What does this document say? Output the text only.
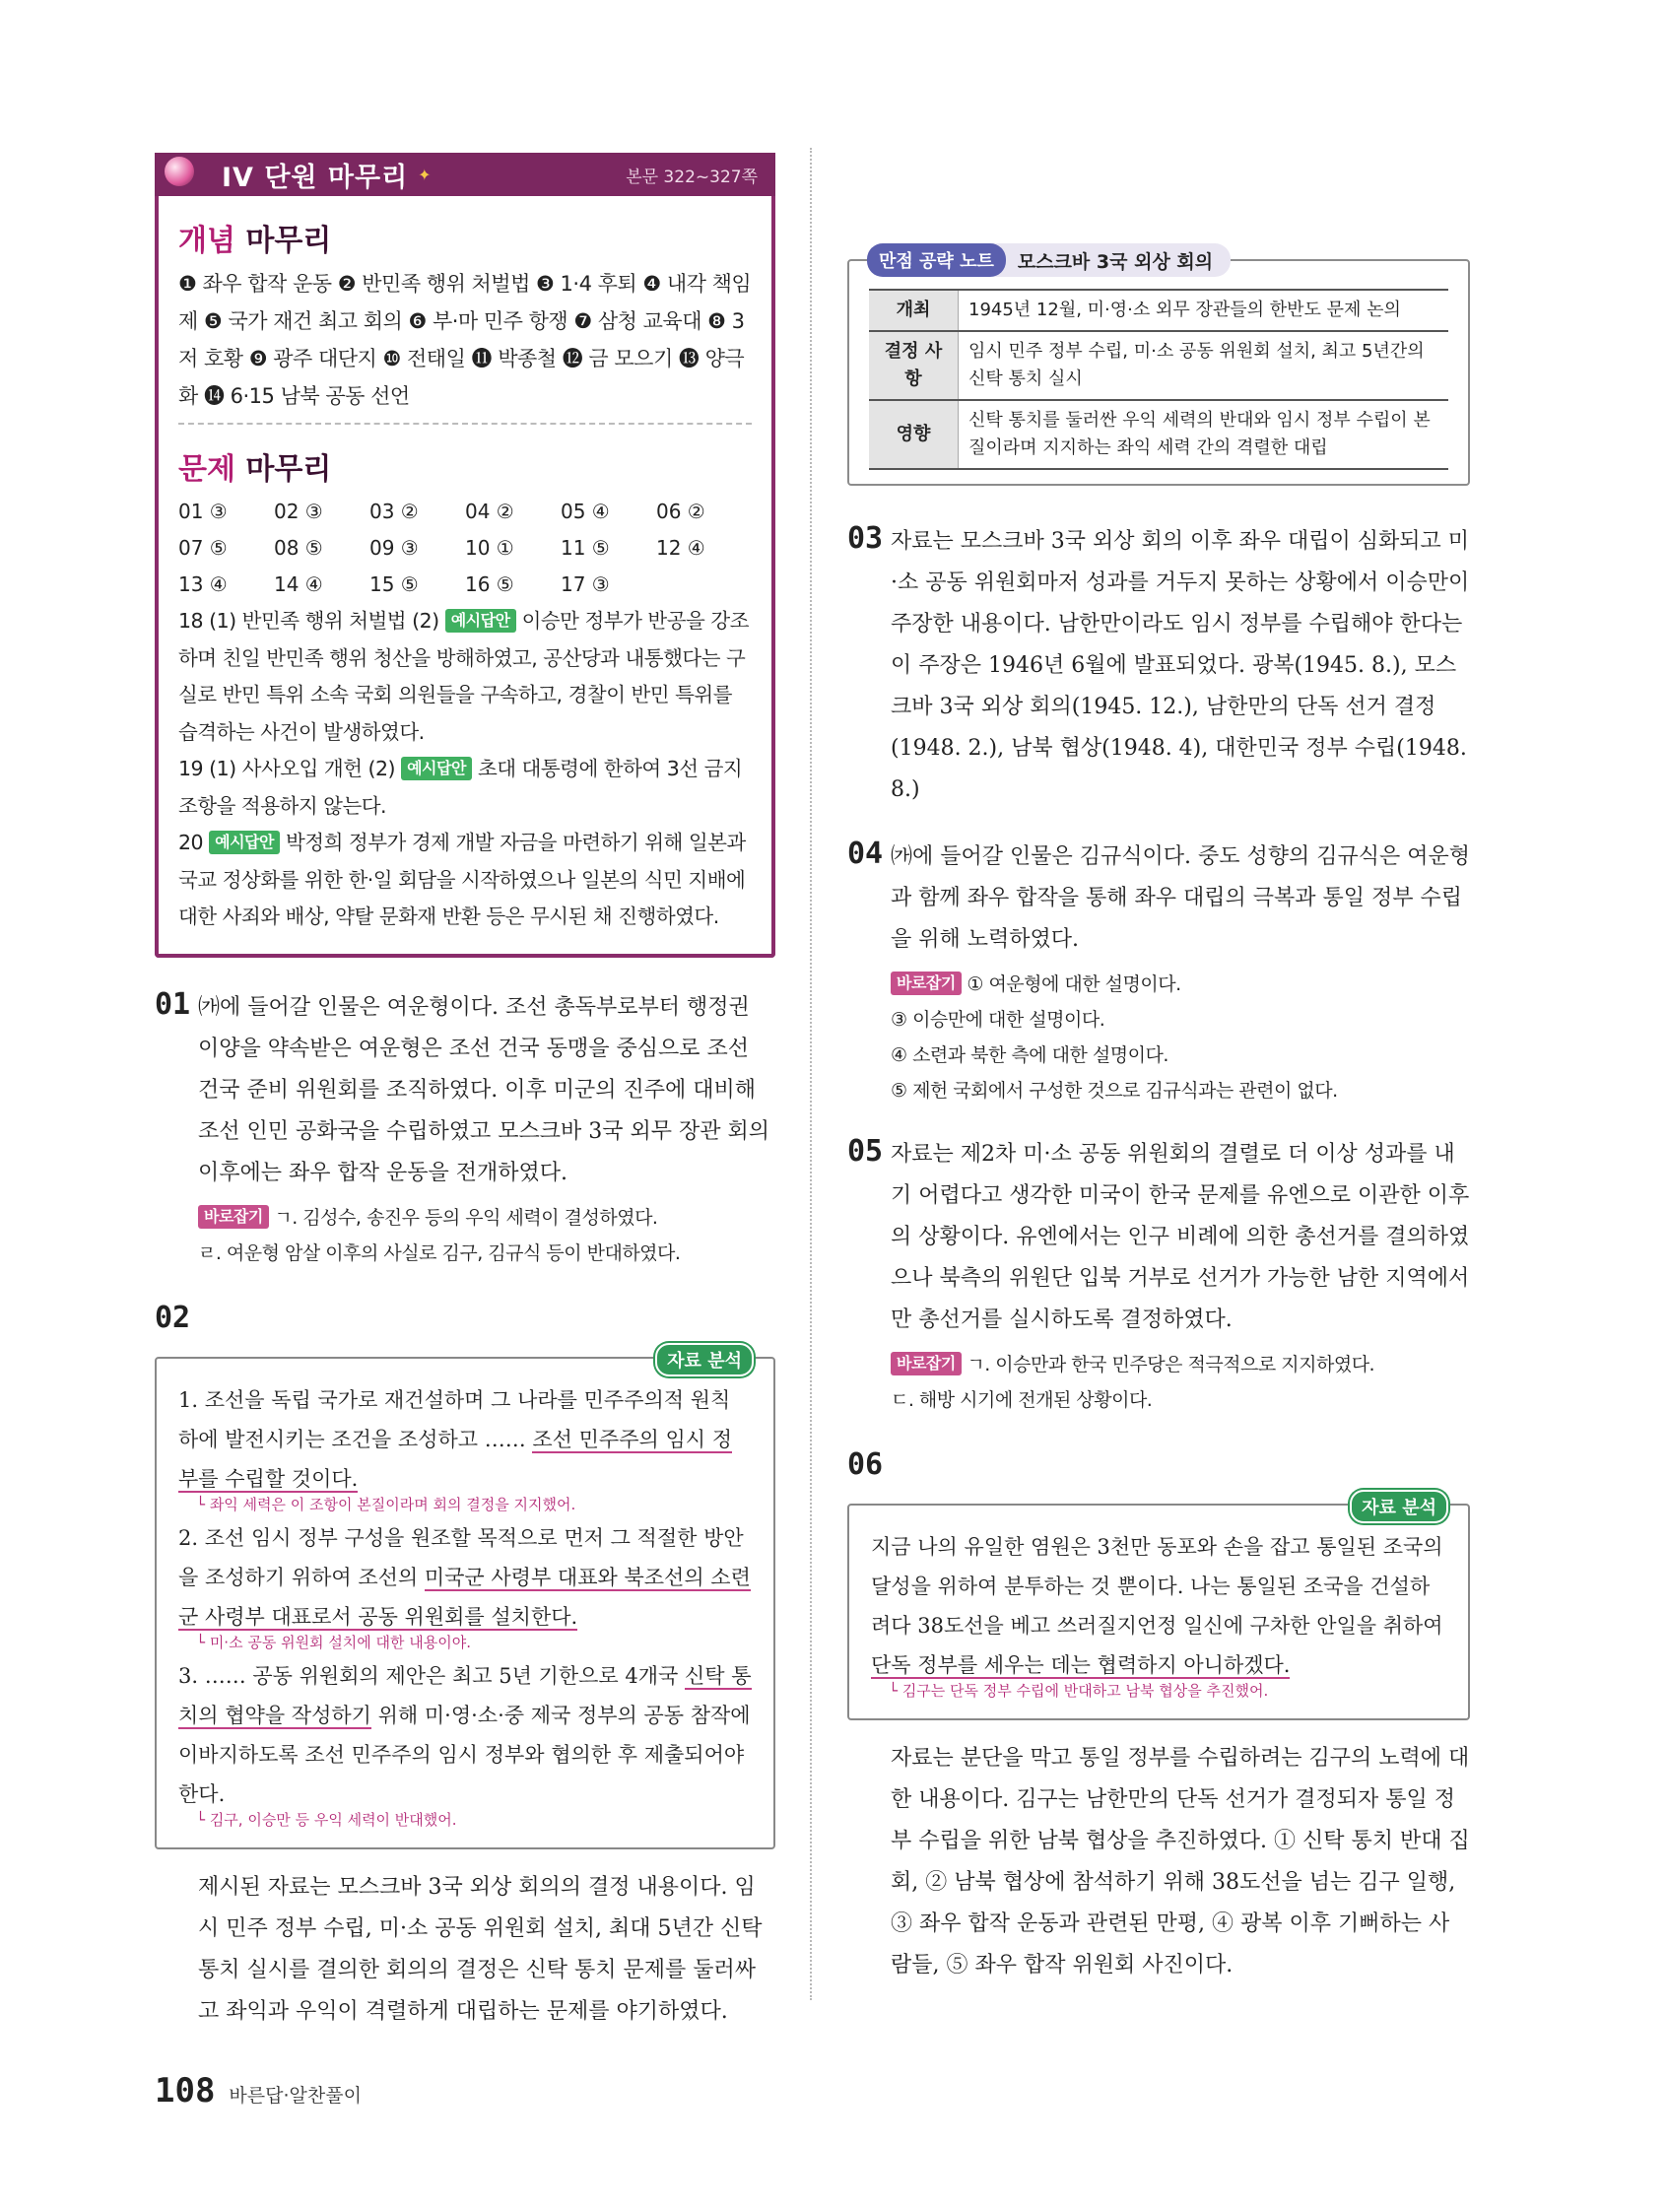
IV 단원 마무리 ✦	본문 322~327쪽
개념 마무리
❶ 좌우 합작 운동 ❷ 반민족 행위 처벌법 ❸ 1·4 후퇴 ❹ 내각 책임제 ❺ 국가 재건 최고 회의 ❻ 부·마 민주 항쟁 ❼ 삼청 교육대 ❽ 3저 호황 ❾ 광주 대단지 ❿ 전태일 ⓫ 박종철 ⓬ 금 모으기 ⓭ 양극화 ⓮ 6·15 남북 공동 선언
문제 마무리
01 ③	02 ③	03 ②	04 ②	05 ④	06 ②
07 ⑤	08 ⑤	09 ③	10 ①	11 ⑤	12 ④
13 ④	14 ④	15 ⑤	16 ⑤	17 ③
18 (1) 반민족 행위 처벌법 (2) 예시답안 이승만 정부가 반공을 강조하며 친일 반민족 행위 청산을 방해하였고, 공산당과 내통했다는 구실로 반민 특위 소속 국회 의원들을 구속하고, 경찰이 반민 특위를 습격하는 사건이 발생하였다.
19 (1) 사사오입 개헌 (2) 예시답안 초대 대통령에 한하여 3선 금지 조항을 적용하지 않는다.
20 예시답안 박정희 정부가 경제 개발 자금을 마련하기 위해 일본과 국교 정상화를 위한 한·일 회담을 시작하였으나 일본의 식민 지배에 대한 사죄와 배상, 약탈 문화재 반환 등은 무시된 채 진행하였다.
01 ㈎에 들어갈 인물은 여운형이다. 조선 총독부로부터 행정권 이양을 약속받은 여운형은 조선 건국 동맹을 중심으로 조선 건국 준비 위원회를 조직하였다. 이후 미군의 진주에 대비해 조선 인민 공화국을 수립하였고 모스크바 3국 외무 장관 회의 이후에는 좌우 합작 운동을 전개하였다.
바로잡기 ㄱ. 김성수, 송진우 등의 우익 세력이 결성하였다.
ㄹ. 여운형 암살 이후의 사실로 김구, 김규식 등이 반대하였다.
02
자료 분석
1. 조선을 독립 국가로 재건설하며 그 나라를 민주주의적 원칙 하에 발전시키는 조건을 조성하고 …… 조선 민주주의 임시 정부를 수립할 것이다.
└ 좌익 세력은 이 조항이 본질이라며 회의 결정을 지지했어.
2. 조선 임시 정부 구성을 원조할 목적으로 먼저 그 적절한 방안을 조성하기 위하여 조선의 미국군 사령부 대표와 북조선의 소련군 사령부 대표로서 공동 위원회를 설치한다.
└ 미·소 공동 위원회 설치에 대한 내용이야.
3. …… 공동 위원회의 제안은 최고 5년 기한으로 4개국 신탁 통치의 협약을 작성하기 위해 미·영·소·중 제국 정부의 공동 참작에 이바지하도록 조선 민주주의 임시 정부와 협의한 후 제출되어야 한다.
└ 김구, 이승만 등 우익 세력이 반대했어.
제시된 자료는 모스크바 3국 외상 회의의 결정 내용이다. 임시 민주 정부 수립, 미·소 공동 위원회 설치, 최대 5년간 신탁 통치 실시를 결의한 회의의 결정은 신탁 통치 문제를 둘러싸고 좌익과 우익이 격렬하게 대립하는 문제를 야기하였다.
만점 공략 노트	모스크바 3국 외상 회의
개최	1945년 12월, 미·영·소 외무 장관들의 한반도 문제 논의
결정 사항	임시 민주 정부 수립, 미·소 공동 위원회 설치, 최고 5년간의 신탁 통치 실시
영향	신탁 통치를 둘러싼 우익 세력의 반대와 임시 정부 수립이 본질이라며 지지하는 좌익 세력 간의 격렬한 대립
03 자료는 모스크바 3국 외상 회의 이후 좌우 대립이 심화되고 미·소 공동 위원회마저 성과를 거두지 못하는 상황에서 이승만이 주장한 내용이다. 남한만이라도 임시 정부를 수립해야 한다는 이 주장은 1946년 6월에 발표되었다. 광복(1945. 8.), 모스크바 3국 외상 회의(1945. 12.), 남한만의 단독 선거 결정(1948. 2.), 남북 협상(1948. 4), 대한민국 정부 수립(1948. 8.)
04 ㈎에 들어갈 인물은 김규식이다. 중도 성향의 김규식은 여운형과 함께 좌우 합작을 통해 좌우 대립의 극복과 통일 정부 수립을 위해 노력하였다.
바로잡기 ① 여운형에 대한 설명이다.
③ 이승만에 대한 설명이다.
④ 소련과 북한 측에 대한 설명이다.
⑤ 제헌 국회에서 구성한 것으로 김규식과는 관련이 없다.
05 자료는 제2차 미·소 공동 위원회의 결렬로 더 이상 성과를 내기 어렵다고 생각한 미국이 한국 문제를 유엔으로 이관한 이후의 상황이다. 유엔에서는 인구 비례에 의한 총선거를 결의하였으나 북측의 위원단 입북 거부로 선거가 가능한 남한 지역에서만 총선거를 실시하도록 결정하였다.
바로잡기 ㄱ. 이승만과 한국 민주당은 적극적으로 지지하였다.
ㄷ. 해방 시기에 전개된 상황이다.
06
자료 분석
지금 나의 유일한 염원은 3천만 동포와 손을 잡고 통일된 조국의 달성을 위하여 분투하는 것 뿐이다. 나는 통일된 조국을 건설하려다 38도선을 베고 쓰러질지언정 일신에 구차한 안일을 취하여 단독 정부를 세우는 데는 협력하지 아니하겠다.
└ 김구는 단독 정부 수립에 반대하고 남북 협상을 추진했어.
자료는 분단을 막고 통일 정부를 수립하려는 김구의 노력에 대한 내용이다. 김구는 남한만의 단독 선거가 결정되자 통일 정부 수립을 위한 남북 협상을 추진하였다. ① 신탁 통치 반대 집회, ② 남북 협상에 참석하기 위해 38도선을 넘는 김구 일행, ③ 좌우 합작 운동과 관련된 만평, ④ 광복 이후 기뻐하는 사람들, ⑤ 좌우 합작 위원회 사진이다.
108 바른답·알찬풀이
